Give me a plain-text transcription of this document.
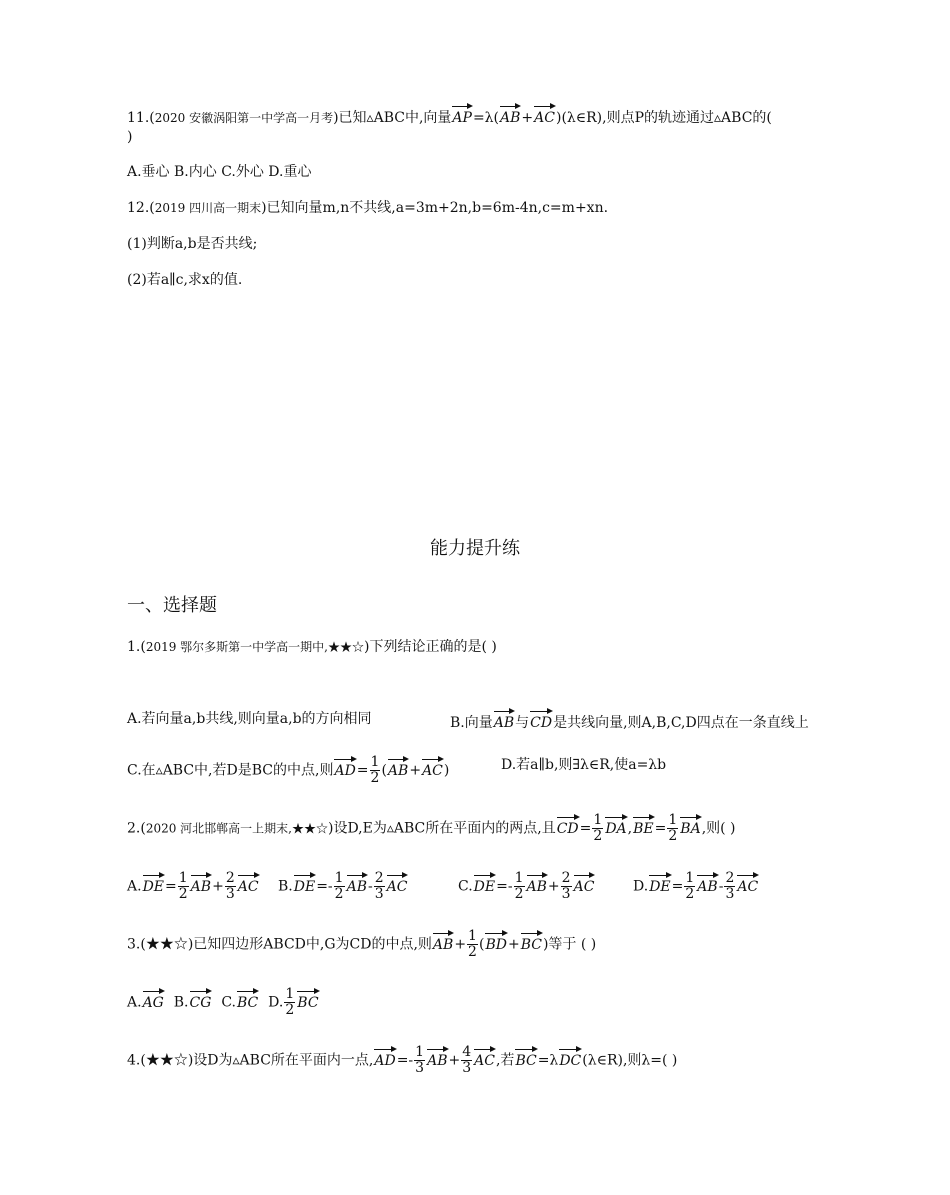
11.(2020 安徽涡阳第一中学高一月考)已知▵ABC中,向量AP=λ(AB+AC)(λ∈R),则点P的轨迹通过▵ABC的(
)
A.垂心 B.内心 C.外心 D.重心
12.(2019 四川高一期末)已知向量m,n不共线,a=3m+2n,b=6m-4n,c=m+xn.
(1)判断a,b是否共线;
(2)若a∥c,求x的值.
能力提升练
一、选择题
1.(2019 鄂尔多斯第一中学高一期中,★★☆)下列结论正确的是( )
A.若向量a,b共线,则向量a,b的方向相同	B.向量AB与CD是共线向量,则A,B,C,D四点在一条直线上
C.在▵ABC中,若D是BC的中点,则$AD= \frac{1}{2} (AB+AC)$	D.若a∥b,则∃λ∈R,使a=λb
2.(2020 河北邯郸高一上期末,★★☆)设D,E为▵ABC所在平面内的两点,且$CD= \frac{1}{2} DA,BE= \frac{1}{2}$ BA,则( )
$A.DE= \frac{1}{2} AB+ \frac{2}{3}$ AC $B.DE=- \frac{1}{2} AB- \frac{2}{3}$ AC	$C.DE=- \frac{1}{2} AB+ \frac{2}{3}$ AC	$D.DE= \frac{1}{2} AB- \frac{2}{3}$ AC
3.(★★☆)已知四边形ABCD中,G为CD的中点,则$AB+ \frac{1}{2} (BD+BC)$等于 ( )
A.AG B.CG C.BC D. $\frac{1}{2}$ BC
4.(★★☆)设D为▵ABC所在平面内一点$,AD=- \frac{1}{3} AB+ \frac{4}{3}$ AC,若BC=λDC(λ∈R),则λ=( )
